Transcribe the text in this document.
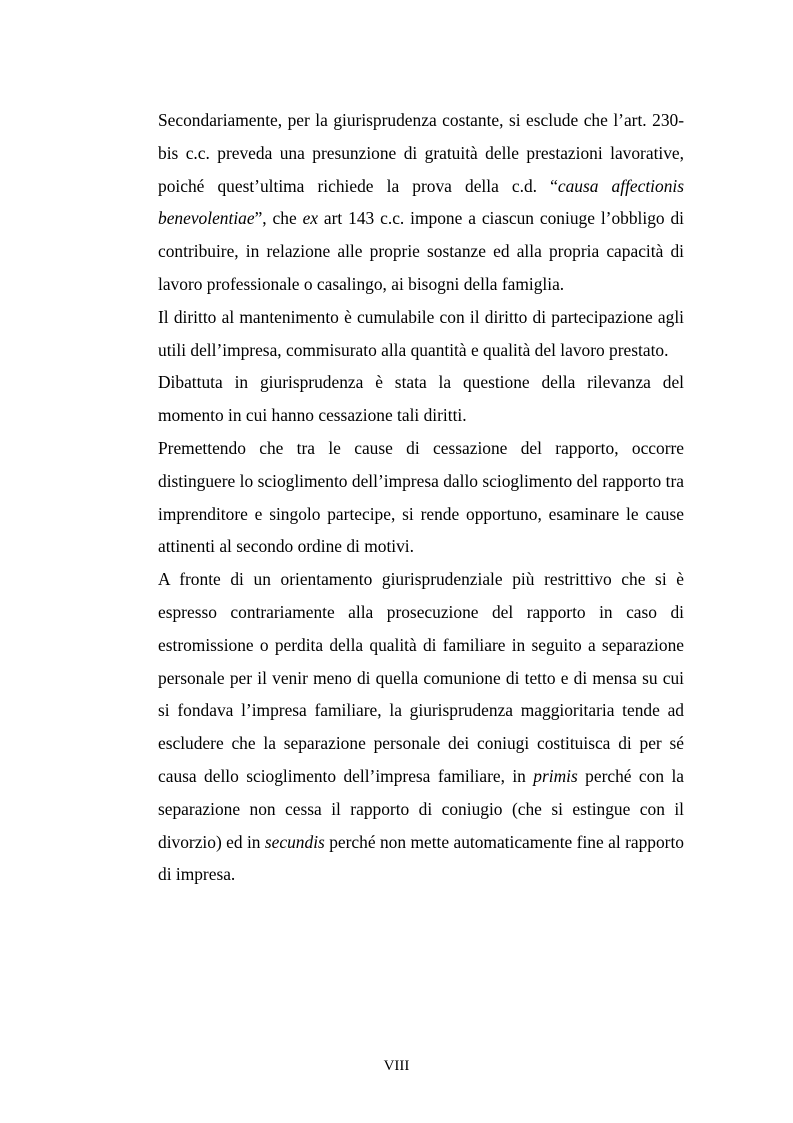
Secondariamente, per la giurisprudenza costante, si esclude che l’art. 230-bis c.c. preveda una presunzione di gratuità delle prestazioni lavorative, poiché quest’ultima richiede la prova della c.d. “causa affectionis benevolentiae”, che ex art 143 c.c. impone a ciascun coniuge l’obbligo di contribuire, in relazione alle proprie sostanze ed alla propria capacità di lavoro professionale o casalingo, ai bisogni della famiglia.

Il diritto al mantenimento è cumulabile con il diritto di partecipazione agli utili dell’impresa, commisurato alla quantità e qualità del lavoro prestato.

Dibattuta in giurisprudenza è stata la questione della rilevanza del momento in cui hanno cessazione tali diritti.

Premettendo che tra le cause di cessazione del rapporto, occorre distinguere lo scioglimento dell’impresa dallo scioglimento del rapporto tra imprenditore e singolo partecipe, si rende opportuno, esaminare le cause attinenti al secondo ordine di motivi.

A fronte di un orientamento giurisprudenziale più restrittivo che si è espresso contrariamente alla prosecuzione del rapporto in caso di estromissione o perdita della qualità di familiare in seguito a separazione personale per il venir meno di quella comunione di tetto e di mensa su cui si fondava l’impresa familiare, la giurisprudenza maggioritaria tende ad escludere che la separazione personale dei coniugi costituisca di per sé causa dello scioglimento dell’impresa familiare, in primis perché con la separazione non cessa il rapporto di coniugio (che si estingue con il divorzio) ed in secundis perché non mette automaticamente fine al rapporto di impresa.

VIII
